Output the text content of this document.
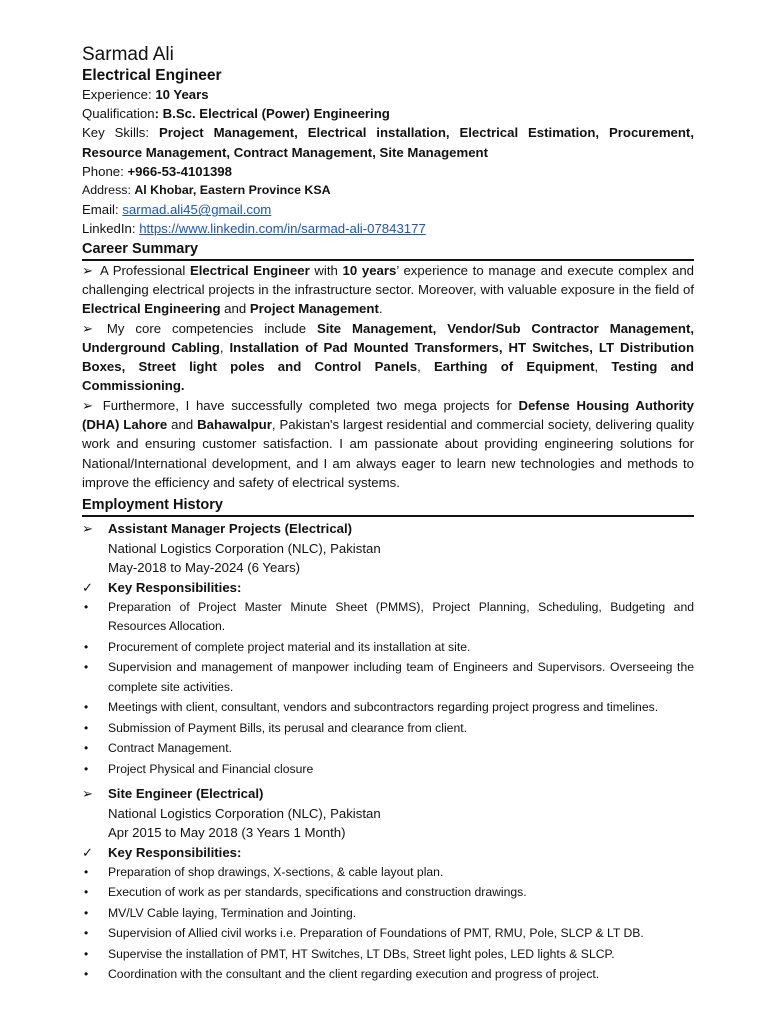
Sarmad Ali
Electrical Engineer
Experience: 10 Years
Qualification: B.Sc. Electrical (Power) Engineering
Key Skills: Project Management, Electrical installation, Electrical Estimation, Procurement, Resource Management, Contract Management, Site Management
Phone: +966-53-4101398
Address: Al Khobar, Eastern Province KSA
Email: sarmad.ali45@gmail.com
LinkedIn: https://www.linkedin.com/in/sarmad-ali-07843177
Career Summary
➢ A Professional Electrical Engineer with 10 years’ experience to manage and execute complex and challenging electrical projects in the infrastructure sector. Moreover, with valuable exposure in the field of Electrical Engineering and Project Management.
➢ My core competencies include Site Management, Vendor/Sub Contractor Management, Underground Cabling, Installation of Pad Mounted Transformers, HT Switches, LT Distribution Boxes, Street light poles and Control Panels, Earthing of Equipment, Testing and Commissioning.
➢ Furthermore, I have successfully completed two mega projects for Defense Housing Authority (DHA) Lahore and Bahawalpur, Pakistan's largest residential and commercial society, delivering quality work and ensuring customer satisfaction. I am passionate about providing engineering solutions for National/International development, and I am always eager to learn new technologies and methods to improve the efficiency and safety of electrical systems.
Employment History
➢ Assistant Manager Projects (Electrical)
National Logistics Corporation (NLC), Pakistan
May-2018 to May-2024 (6 Years)
✓ Key Responsibilities:
• Preparation of Project Master Minute Sheet (PMMS), Project Planning, Scheduling, Budgeting and Resources Allocation.
• Procurement of complete project material and its installation at site.
• Supervision and management of manpower including team of Engineers and Supervisors. Overseeing the complete site activities.
• Meetings with client, consultant, vendors and subcontractors regarding project progress and timelines.
• Submission of Payment Bills, its perusal and clearance from client.
• Contract Management.
• Project Physical and Financial closure
➢ Site Engineer (Electrical)
National Logistics Corporation (NLC), Pakistan
Apr 2015 to May 2018 (3 Years 1 Month)
✓ Key Responsibilities:
• Preparation of shop drawings, X-sections, & cable layout plan.
• Execution of work as per standards, specifications and construction drawings.
• MV/LV Cable laying, Termination and Jointing.
• Supervision of Allied civil works i.e. Preparation of Foundations of PMT, RMU, Pole, SLCP & LT DB.
• Supervise the installation of PMT, HT Switches, LT DBs, Street light poles, LED lights & SLCP.
• Coordination with the consultant and the client regarding execution and progress of project.
